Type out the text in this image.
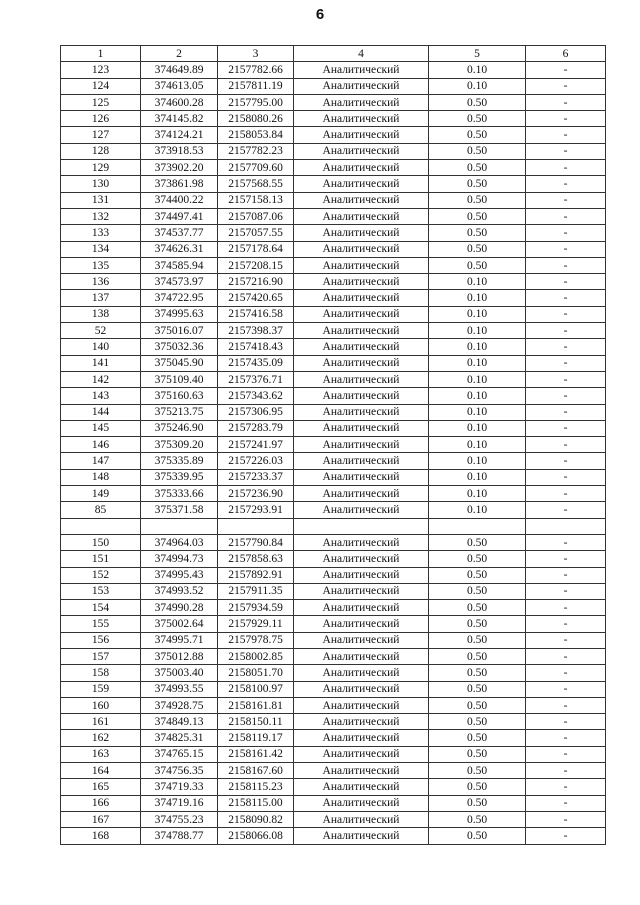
6
1	2	3	4	5	6
123	374649.89	2157782.66	Аналитический	0.10	-
124	374613.05	2157811.19	Аналитический	0.10	-
125	374600.28	2157795.00	Аналитический	0.50	-
126	374145.82	2158080.26	Аналитический	0.50	-
127	374124.21	2158053.84	Аналитический	0.50	-
128	373918.53	2157782.23	Аналитический	0.50	-
129	373902.20	2157709.60	Аналитический	0.50	-
130	373861.98	2157568.55	Аналитический	0.50	-
131	374400.22	2157158.13	Аналитический	0.50	-
132	374497.41	2157087.06	Аналитический	0.50	-
133	374537.77	2157057.55	Аналитический	0.50	-
134	374626.31	2157178.64	Аналитический	0.50	-
135	374585.94	2157208.15	Аналитический	0.50	-
136	374573.97	2157216.90	Аналитический	0.10	-
137	374722.95	2157420.65	Аналитический	0.10	-
138	374995.63	2157416.58	Аналитический	0.10	-
52	375016.07	2157398.37	Аналитический	0.10	-
140	375032.36	2157418.43	Аналитический	0.10	-
141	375045.90	2157435.09	Аналитический	0.10	-
142	375109.40	2157376.71	Аналитический	0.10	-
143	375160.63	2157343.62	Аналитический	0.10	-
144	375213.75	2157306.95	Аналитический	0.10	-
145	375246.90	2157283.79	Аналитический	0.10	-
146	375309.20	2157241.97	Аналитический	0.10	-
147	375335.89	2157226.03	Аналитический	0.10	-
148	375339.95	2157233.37	Аналитический	0.10	-
149	375333.66	2157236.90	Аналитический	0.10	-
85	375371.58	2157293.91	Аналитический	0.10	-

150	374964.03	2157790.84	Аналитический	0.50	-
151	374994.73	2157858.63	Аналитический	0.50	-
152	374995.43	2157892.91	Аналитический	0.50	-
153	374993.52	2157911.35	Аналитический	0.50	-
154	374990.28	2157934.59	Аналитический	0.50	-
155	375002.64	2157929.11	Аналитический	0.50	-
156	374995.71	2157978.75	Аналитический	0.50	-
157	375012.88	2158002.85	Аналитический	0.50	-
158	375003.40	2158051.70	Аналитический	0.50	-
159	374993.55	2158100.97	Аналитический	0.50	-
160	374928.75	2158161.81	Аналитический	0.50	-
161	374849.13	2158150.11	Аналитический	0.50	-
162	374825.31	2158119.17	Аналитический	0.50	-
163	374765.15	2158161.42	Аналитический	0.50	-
164	374756.35	2158167.60	Аналитический	0.50	-
165	374719.33	2158115.23	Аналитический	0.50	-
166	374719.16	2158115.00	Аналитический	0.50	-
167	374755.23	2158090.82	Аналитический	0.50	-
168	374788.77	2158066.08	Аналитический	0.50	-
